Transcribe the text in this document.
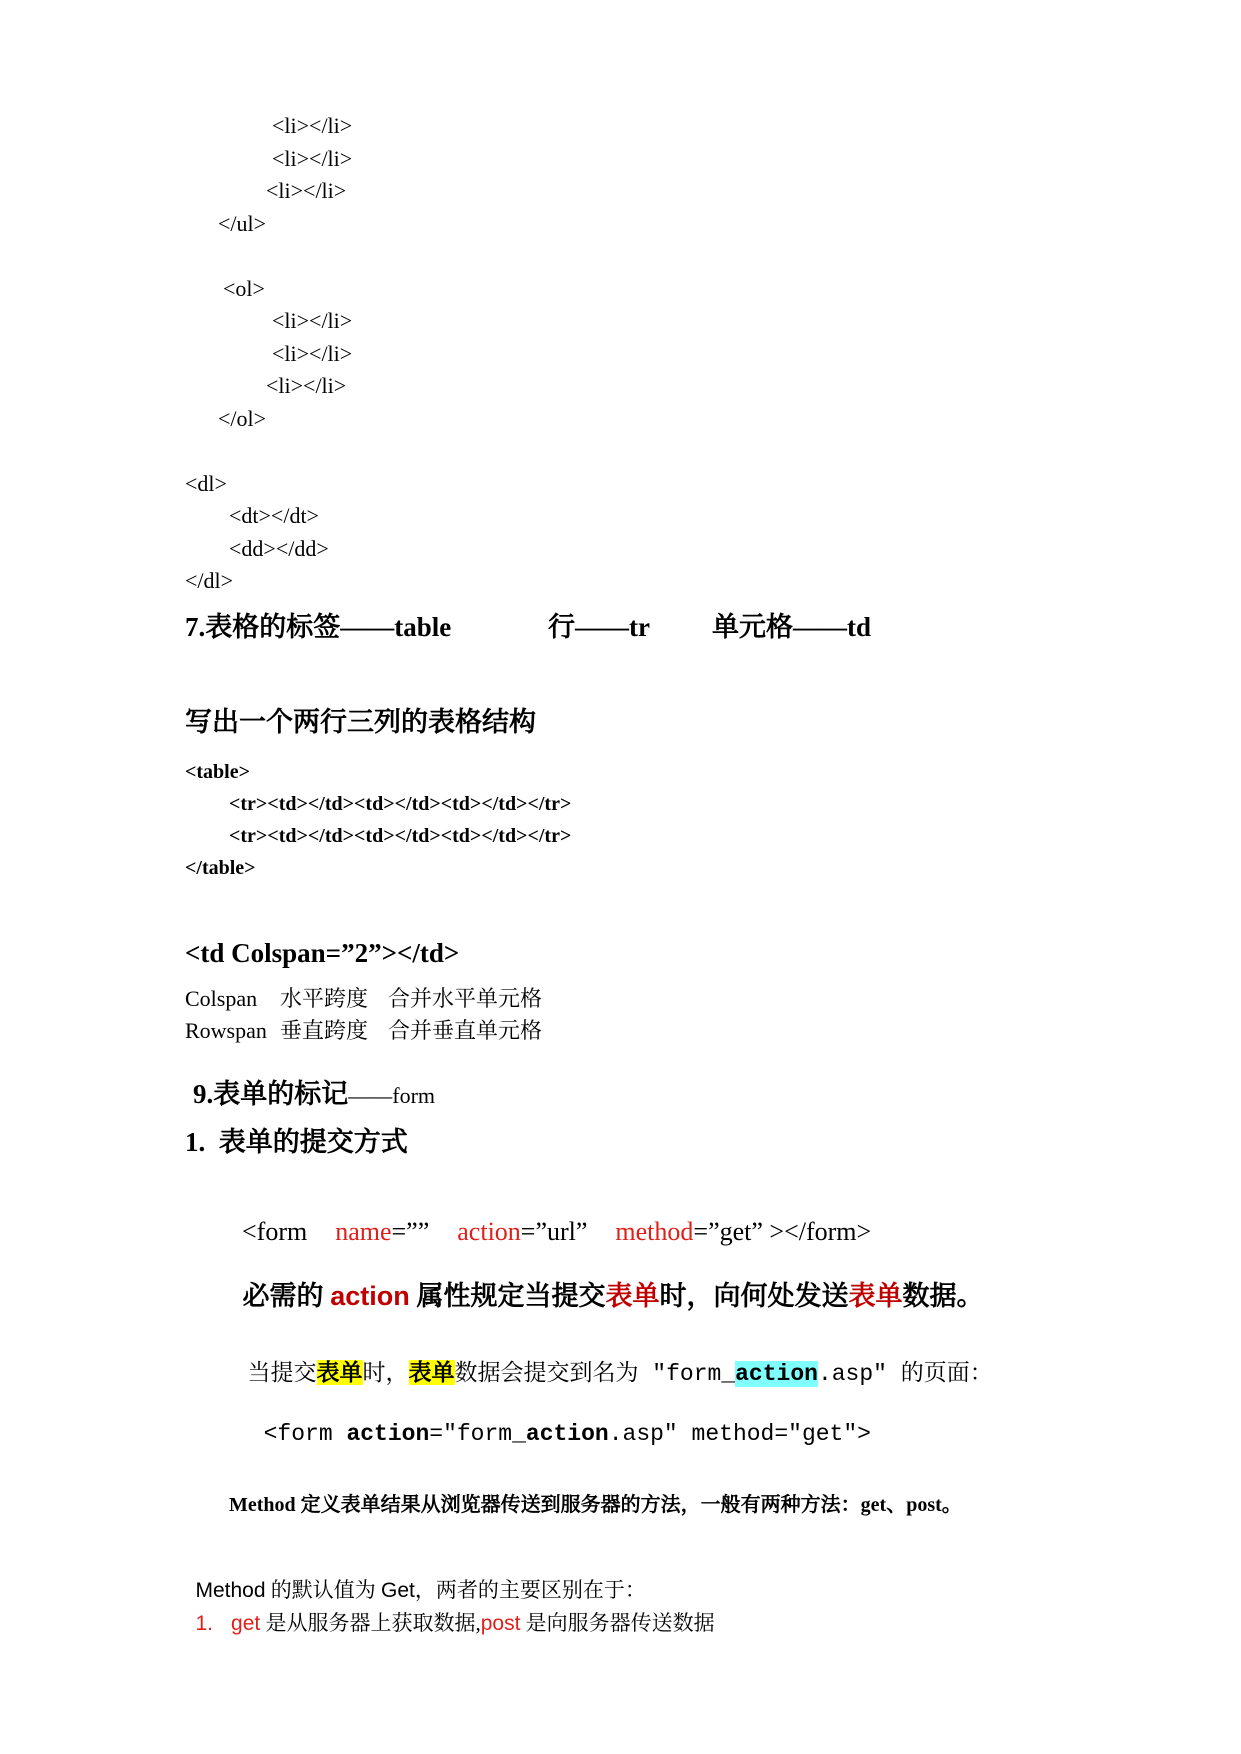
<li></li>
<li></li>
<li></li>
</ul>
<ol>
<li></li>
<li></li>
<li></li>
</ol>
<dl>
<dt></dt>
<dd></dd>
</dl>
7.表格的标签——table	行——tr 单元格——td
写出一个两行三列的表格结构
<table>
<tr><td></td><td></td><td></td></tr>
<tr><td></td><td></td><td></td></tr>
</table>
<td Colspan=”2”></td>
Colspan 水平跨度 合并水平单元格
Rowspan 垂直跨度 合并垂直单元格

9.表单的标记——form

1.  表单的提交方式

<form name=”” action=”url” method=”get” ></form>

必需的 action 属性规定当提交表单时，向何处发送表单数据。

当提交表单时，表单数据会提交到名为 "form_action.asp" 的页面：

<form action="form_action.asp" method="get">

Method 定义表单结果从浏览器传送到服务器的方法，一般有两种方法：get、post。

Method 的默认值为 Get，两者的主要区别在于：

1. get 是从服务器上获取数据,post 是向服务器传送数据
